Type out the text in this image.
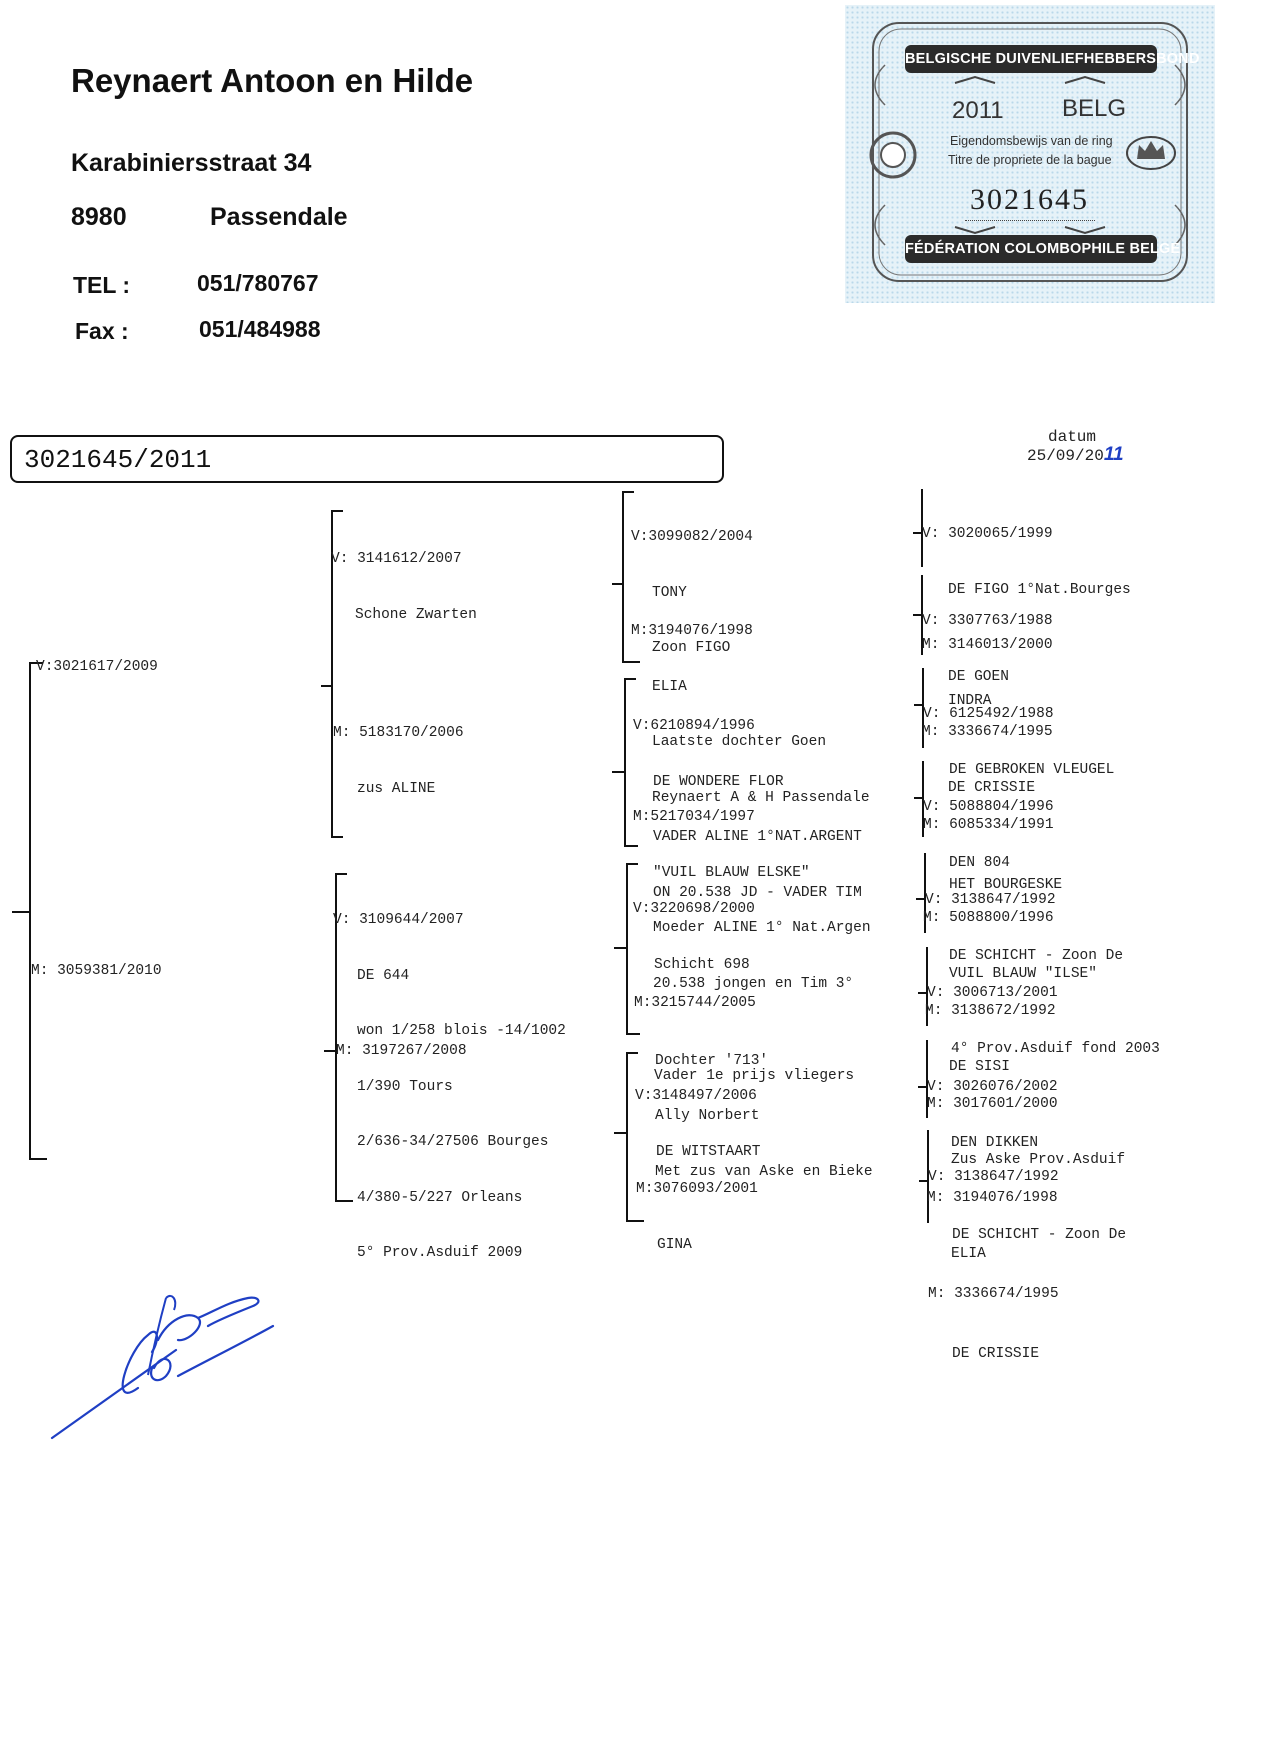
Reynaert Antoon en Hilde
Karabiniersstraat 34
8980	Passendale
TEL :	051/780767
Fax :	051/484988
BELGISCHE DUIVENLIEFHEBBERSBOND
2011 BELG
Eigendomsbewijs van de ring
Titre de propriete de la bague
3021645
FÉDÉRATION COLOMBOPHILE BELGE
3021645/2011
datum
25/09/2011
V:3021617/2009
M: 3059381/2010

V: 3141612/2007

Schone Zwarten

M: 5183170/2006

zus ALINE

V: 3109644/2007

DE 644

won 1/258 blois -14/1002

1/390 Tours

2/636-34/27506 Bourges

4/380-5/227 Orleans

5° Prov.Asduif 2009

M: 3197267/2008

V:3099082/2004

TONY

Zoon FIGO

M:3194076/1998

ELIA

Laatste dochter Goen

Reynaert A & H Passendale

V:6210894/1996

DE WONDERE FLOR

VADER ALINE 1°NAT.ARGENT

ON 20.538 JD - VADER TIM

M:5217034/1997

"VUIL BLAUW ELSKE"

Moeder ALINE 1° Nat.Argen

20.538 jongen en Tim 3°

V:3220698/2000

Schicht 698

Vader 1e prijs vliegers

M:3215744/2005

Dochter '713'

Ally Norbert

Met zus van Aske en Bieke

V:3148497/2006

DE WITSTAART

M:3076093/2001

GINA

V: 3020065/1999

DE FIGO 1°Nat.Bourges

M: 3146013/2000

INDRA

V: 3307763/1988

DE GOEN

M: 3336674/1995

DE CRISSIE

V: 6125492/1988

DE GEBROKEN VLEUGEL

M: 6085334/1991

HET BOURGESKE

V: 5088804/1996

DEN 804

M: 5088800/1996

VUIL BLAUW "ILSE"

V: 3138647/1992

DE SCHICHT - Zoon De

M: 3138672/1992

DE SISI

V: 3006713/2001

4° Prov.Asduif fond 2003

M: 3017601/2000

Zus Aske Prov.Asduif

V: 3026076/2002

DEN DIKKEN

M: 3194076/1998

ELIA

V: 3138647/1992

DE SCHICHT - Zoon De

M: 3336674/1995

DE CRISSIE
